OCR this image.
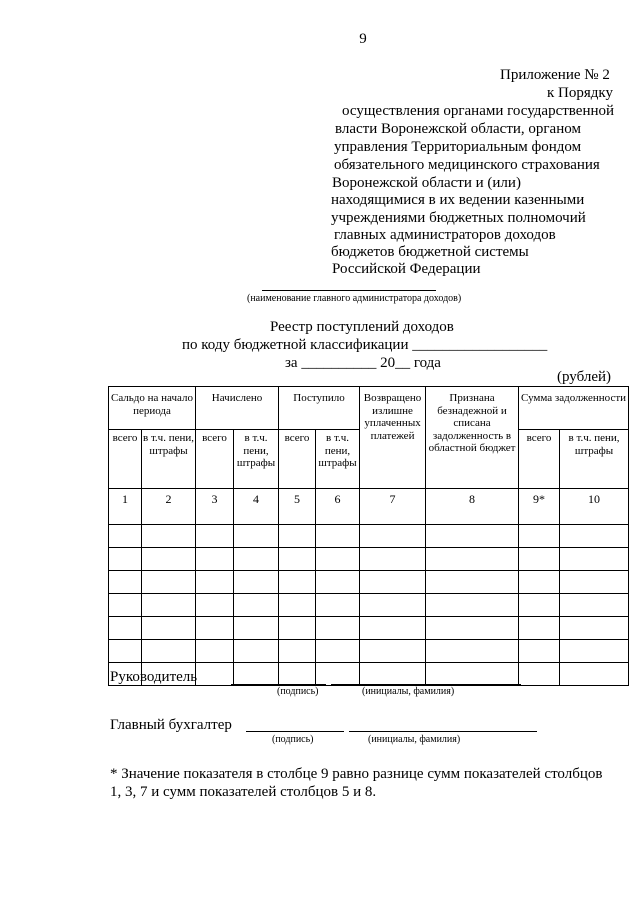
9
Приложение № 2
к Порядку
осуществления органами государственной
власти Воронежской области, органом
управления Территориальным фондом
обязательного медицинского страхования
Воронежской области и (или)
находящимися в их ведении казенными
учреждениями бюджетных полномочий
главных администраторов доходов
бюджетов бюджетной системы
Российской Федерации
(наименование главного администратора доходов)
Реестр поступлений доходов
по коду бюджетной классификации __________________
за __________ 20__ года
(рублей)
Сальдо на начало периода		Начислено		Поступило		Возвращено излишне уплаченных платежей	Признана безнадежной и списана задолженность в областной бюджет	Сумма задолженности	
всего	в т.ч. пени, штрафы	всего	в т.ч. пени, штрафы	всего	в т.ч. пени, штрафы			всего	в т.ч. пени, штрафы
1	2	3	4	5	6	7	8	9*	10

Руководитель
(подпись)	(инициалы, фамилия)
Главный бухгалтер
(подпись)	(инициалы, фамилия)
* Значение показателя в столбце 9 равно разнице сумм показателей столбцов
1, 3, 7 и сумм показателей столбцов 5 и 8.
